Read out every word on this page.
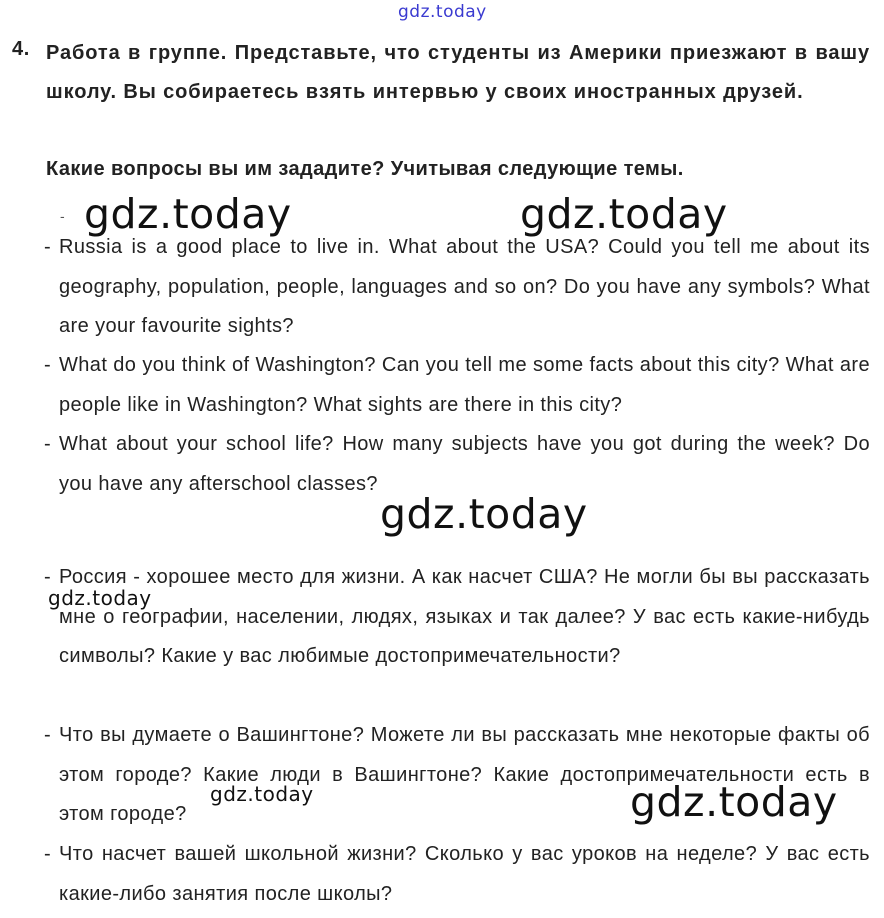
gdz.today
4. Работа в группе. Представьте, что студенты из Америки приезжают в вашу школу. Вы собираетесь взять интервью у своих иностранных друзей.
Какие вопросы вы им зададите? Учитывая следующие темы.
-
- Russia is a good place to live in. What about the USA? Could you tell me about its geography, population, people, languages and so on? Do you have any symbols? What are your favourite sights?
- What do you think of Washington? Can you tell me some facts about this city? What are people like in Washington? What sights are there in this city?
- What about your school life? How many subjects have you got during the week? Do you have any afterschool classes?
- Россия - хорошее место для жизни. А как насчет США? Не могли бы вы рассказать мне о географии, населении, людях, языках и так далее? У вас есть какие-нибудь символы? Какие у вас любимые достопримечательности?
- Что вы думаете о Вашингтоне? Можете ли вы рассказать мне некоторые факты об этом городе? Какие люди в Вашингтоне? Какие достопримечательности есть в этом городе?
- Что насчет вашей школьной жизни? Сколько у вас уроков на неделе? У вас есть какие-либо занятия после школы?
gdz.today	gdz.today
gdz.today
gdz.today
gdz.today	gdz.today
